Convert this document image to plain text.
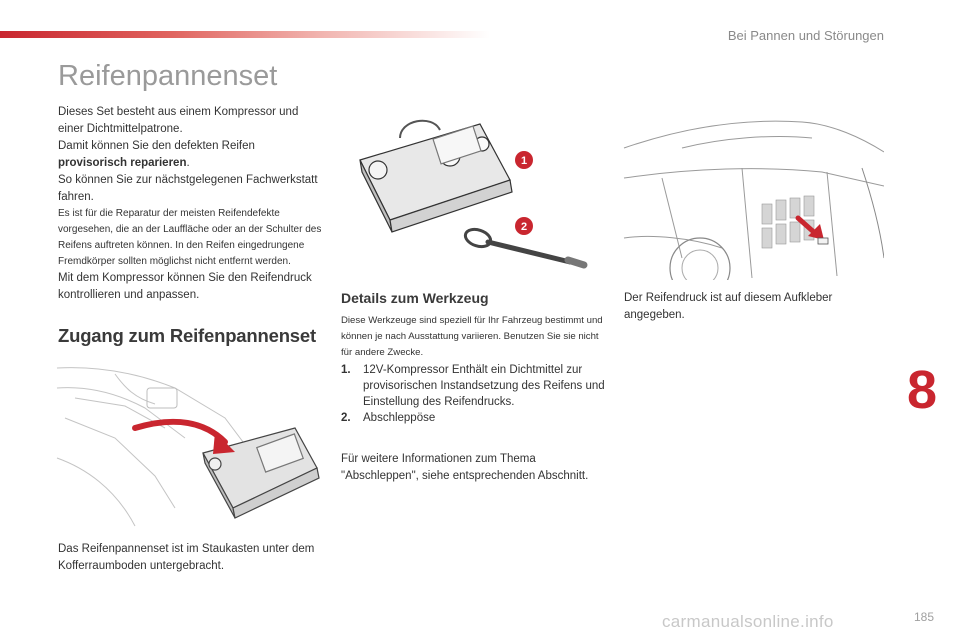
Bei Pannen und Störungen
Reifenpannenset

Dieses Set besteht aus einem Kompressor und einer Dichtmittelpatrone.

Damit können Sie den defekten Reifen provisorisch reparieren.

So können Sie zur nächstgelegenen Fachwerkstatt fahren.

Es ist für die Reparatur der meisten Reifendefekte vorgesehen, die an der Lauffläche oder an der Schulter des Reifens auftreten können. In den Reifen eingedrungene Fremdkörper sollten möglichst nicht entfernt werden.

Mit dem Kompressor können Sie den Reifendruck kontrollieren und anpassen.

Zugang zum Reifenpannenset

Das Reifenpannenset ist im Staukasten unter dem Kofferraumboden untergebracht.

1
2
Details zum Werkzeug

Diese Werkzeuge sind speziell für Ihr Fahrzeug bestimmt und können je nach Ausstattung variieren. Benutzen Sie sie nicht für andere Zwecke.

1.	12V-Kompressor Enthält ein Dichtmittel zur provisorischen Instandsetzung des Reifens und Einstellung des Reifendrucks.
2.	Abschleppöse

Für weitere Informationen zum Thema "Abschleppen", siehe entsprechenden Abschnitt.

Der Reifendruck ist auf diesem Aufkleber angegeben.

8
185
carmanualsonline.info
